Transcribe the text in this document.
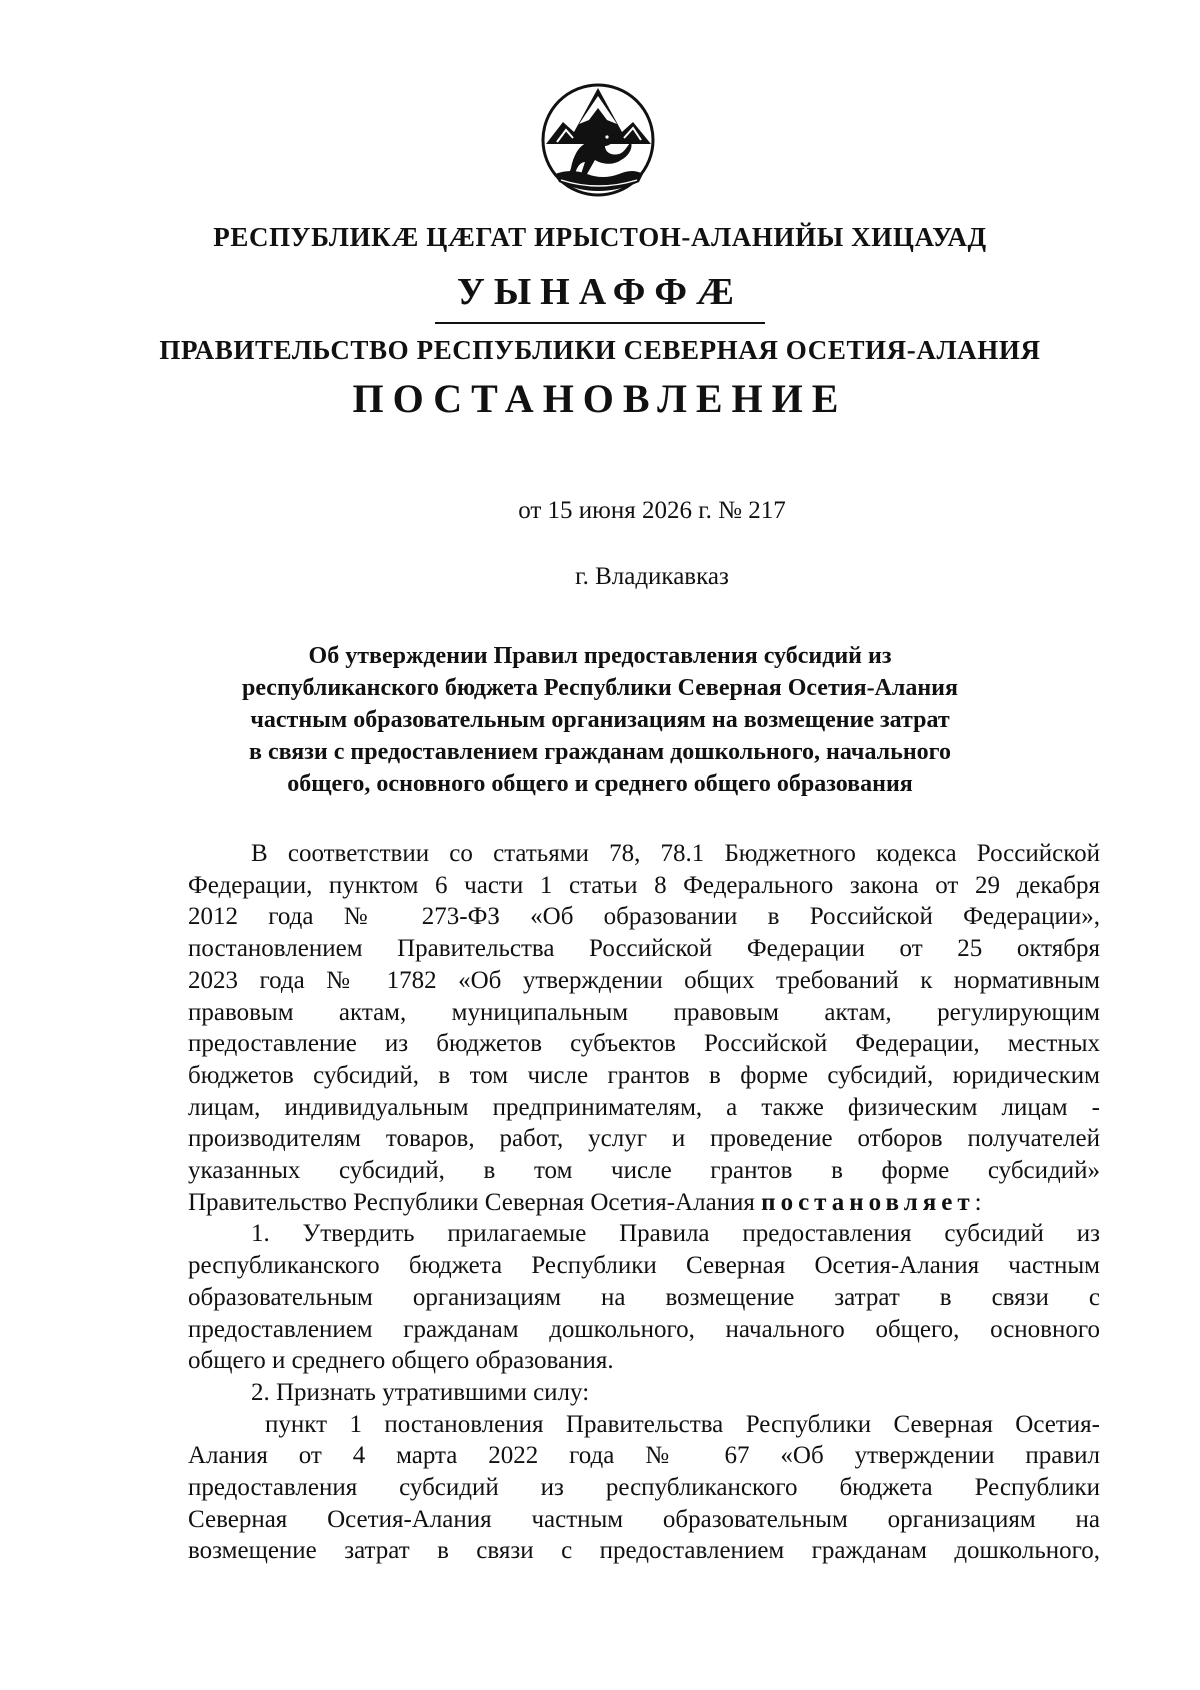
РЕСПУБЛИКÆ ЦÆГАТ ИРЫСТОН-АЛАНИЙЫ ХИЦАУАД
УЫНАФФÆ
ПРАВИТЕЛЬСТВО РЕСПУБЛИКИ СЕВЕРНАЯ ОСЕТИЯ-АЛАНИЯ
ПОСТАНОВЛЕНИЕ
от 15 июня 2026 г. № 217
г. Владикавказ
Об утверждении Правил предоставления субсидий из
республиканского бюджета Республики Северная Осетия-Алания
частным образовательным организациям на возмещение затрат
в связи с предоставлением гражданам дошкольного, начального
общего, основного общего и среднего общего образования
В соответствии со статьями 78, 78.1 Бюджетного кодекса Российской
Федерации, пунктом 6 части 1 статьи 8 Федерального закона от 29 декабря
2012 года № 273-ФЗ «Об образовании в Российской Федерации»,
постановлением Правительства Российской Федерации от 25 октября
2023 года № 1782 «Об утверждении общих требований к нормативным
правовым актам, муниципальным правовым актам, регулирующим
предоставление из бюджетов субъектов Российской Федерации, местных
бюджетов субсидий, в том числе грантов в форме субсидий, юридическим
лицам, индивидуальным предпринимателям, а также физическим лицам -
производителям товаров, работ, услуг и проведение отборов получателей
указанных субсидий, в том числе грантов в форме субсидий»
Правительство Республики Северная Осетия-Алания постановляет:
1. Утвердить прилагаемые Правила предоставления субсидий из
республиканского бюджета Республики Северная Осетия-Алания частным
образовательным организациям на возмещение затрат в связи с
предоставлением гражданам дошкольного, начального общего, основного
общего и среднего общего образования.
2. Признать утратившими силу:
пункт 1 постановления Правительства Республики Северная Осетия-
Алания от 4 марта 2022 года № 67 «Об утверждении правил
предоставления субсидий из республиканского бюджета Республики
Северная Осетия-Алания частным образовательным организациям на
возмещение затрат в связи с предоставлением гражданам дошкольного,
